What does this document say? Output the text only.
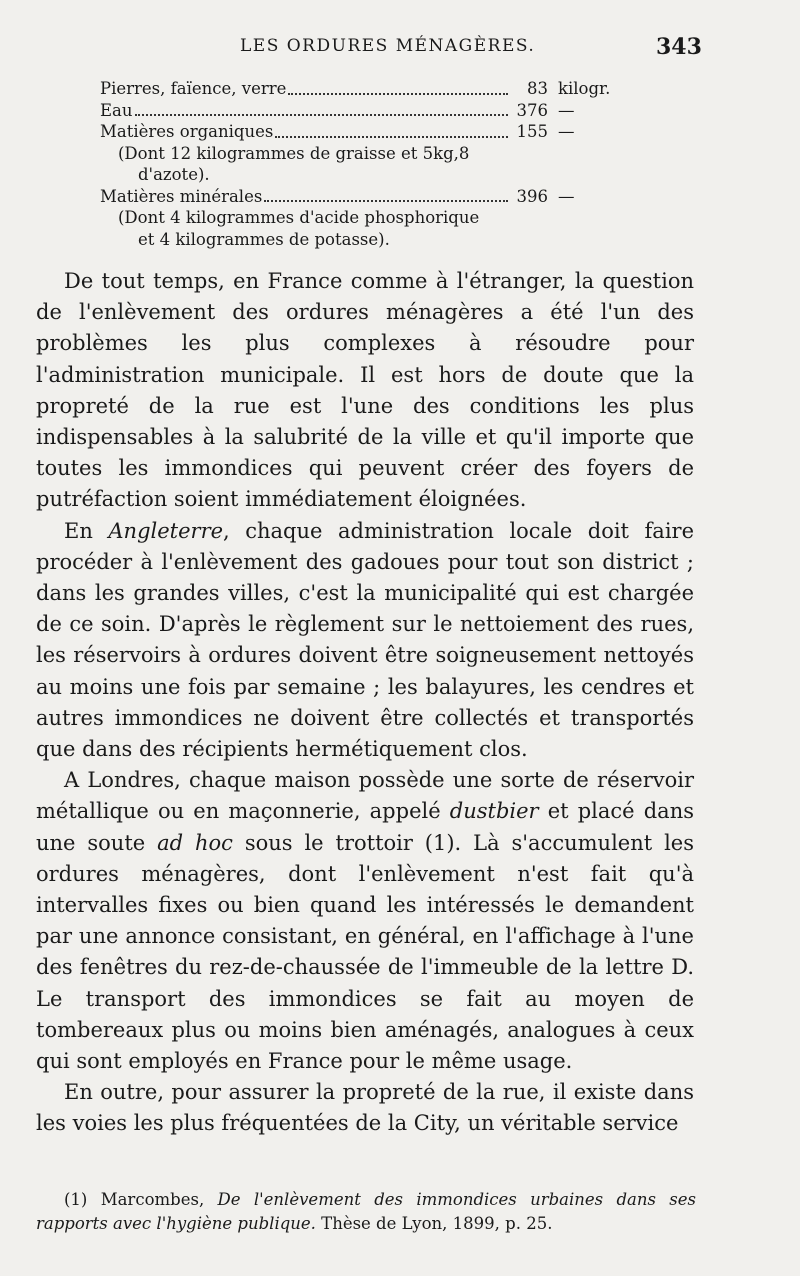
LES ORDURES MÉNAGÈRES.	343
Pierres, faïence, verre	83 kilogr.
Eau	376 —
Matières organiques	155 —
(Dont 12 kilogrammes de graisse et 5kg,8
d'azote).
Matières minérales	396 —
(Dont 4 kilogrammes d'acide phosphorique
et 4 kilogrammes de potasse).

De tout temps, en France comme à l'étranger, la question de l'enlèvement des ordures ménagères a été l'un des problèmes les plus complexes à résoudre pour l'administration municipale. Il est hors de doute que la propreté de la rue est l'une des conditions les plus indispensables à la salubrité de la ville et qu'il importe que toutes les immondices qui peuvent créer des foyers de putréfaction soient immédiatement éloignées.

En Angleterre, chaque administration locale doit faire procéder à l'enlèvement des gadoues pour tout son district ; dans les grandes villes, c'est la municipalité qui est chargée de ce soin. D'après le règlement sur le nettoiement des rues, les réservoirs à ordures doivent être soigneusement nettoyés au moins une fois par semaine ; les balayures, les cendres et autres immondices ne doivent être collectés et transportés que dans des récipients hermétiquement clos.

A Londres, chaque maison possède une sorte de réservoir métallique ou en maçonnerie, appelé dustbier et placé dans une soute ad hoc sous le trottoir (1). Là s'accumulent les ordures ménagères, dont l'enlèvement n'est fait qu'à intervalles fixes ou bien quand les intéressés le demandent par une annonce consistant, en général, en l'affichage à l'une des fenêtres du rez-de-chaussée de l'immeuble de la lettre D. Le transport des immondices se fait au moyen de tombereaux plus ou moins bien aménagés, analogues à ceux qui sont employés en France pour le même usage.

En outre, pour assurer la propreté de la rue, il existe dans les voies les plus fréquentées de la City, un véritable service

(1) Marcombes, De l'enlèvement des immondices urbaines dans ses rapports avec l'hygiène publique. Thèse de Lyon, 1899, p. 25.
